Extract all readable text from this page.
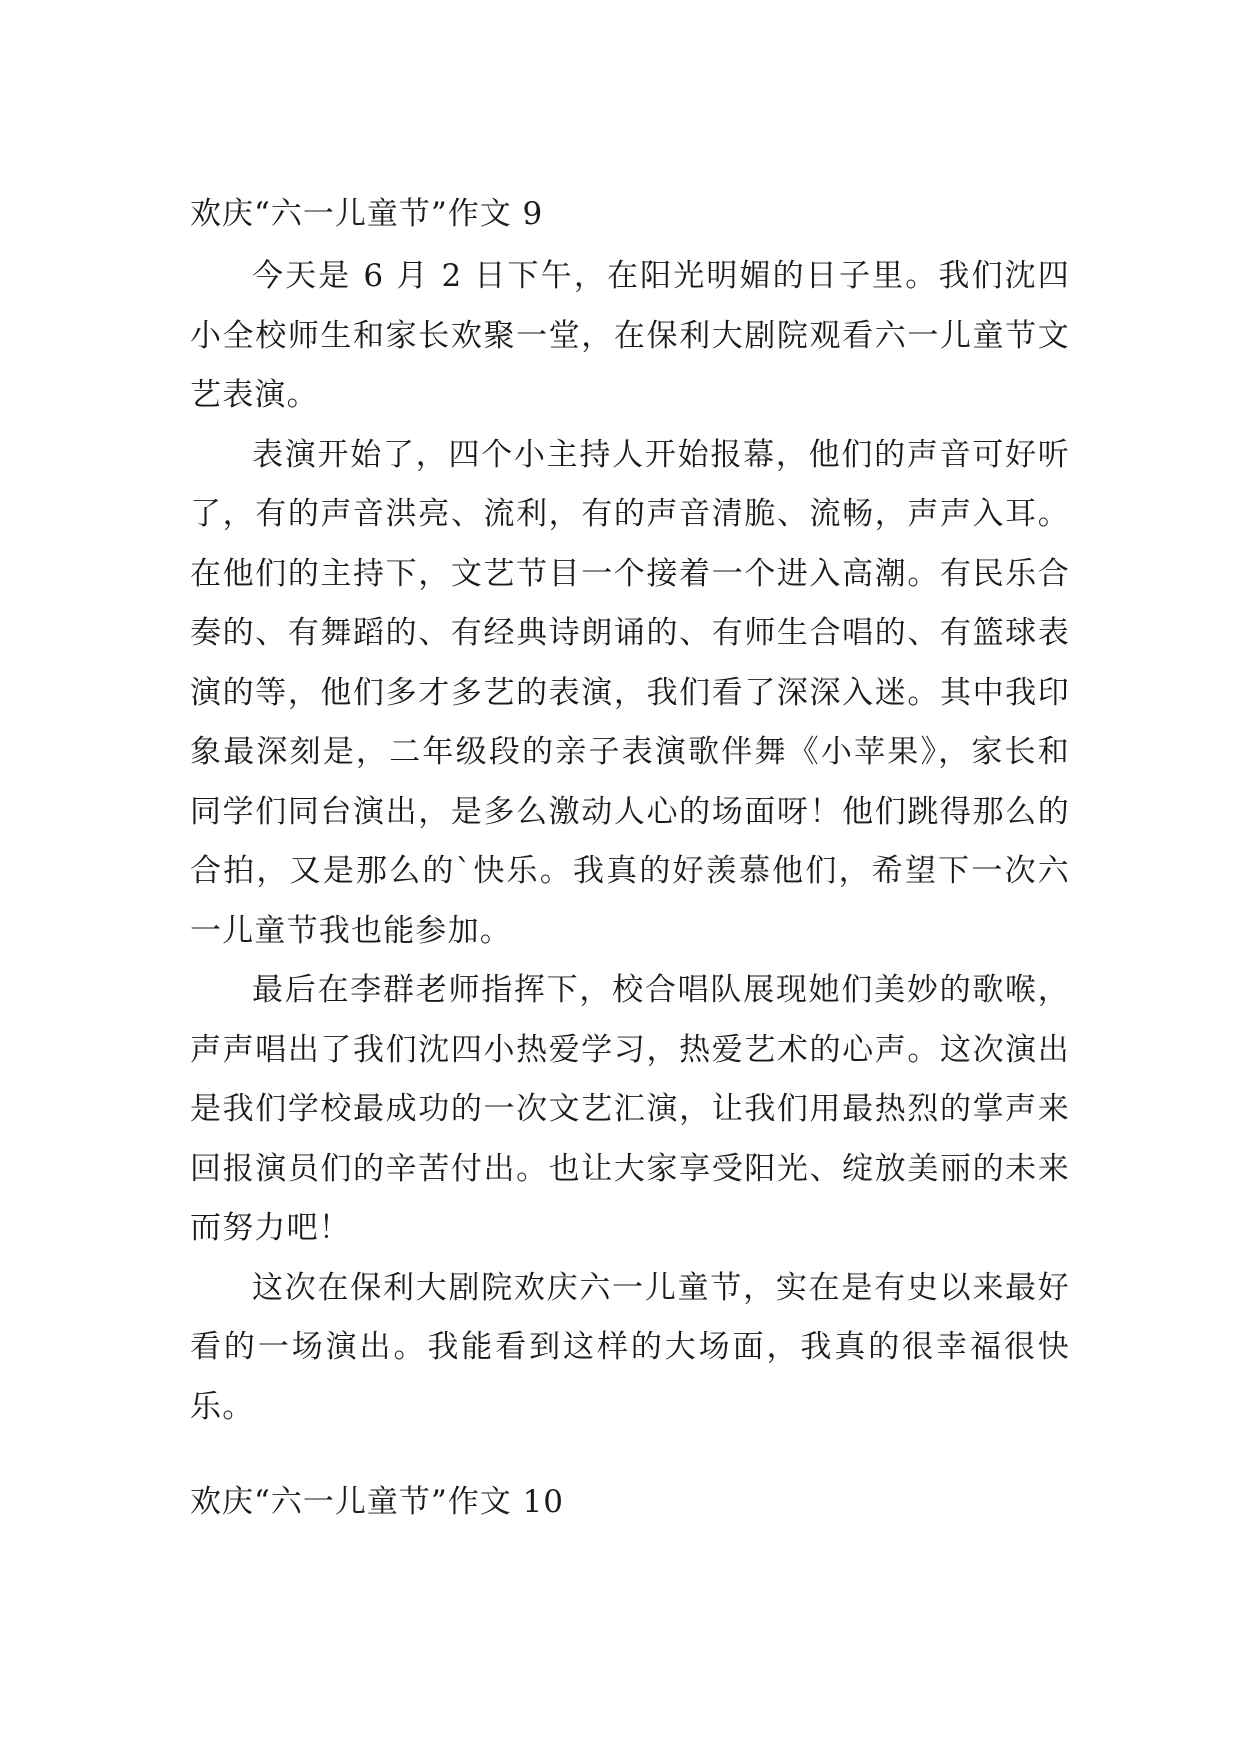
欢庆“六一儿童节”作文 9

今天是 6 月 2 日下午，在阳光明媚的日子里。我们沈四小全校师生和家长欢聚一堂，在保利大剧院观看六一儿童节文艺表演。

表演开始了，四个小主持人开始报幕，他们的声音可好听了，有的声音洪亮、流利，有的声音清脆、流畅，声声入耳。在他们的主持下，文艺节目一个接着一个进入高潮。有民乐合奏的、有舞蹈的、有经典诗朗诵的、有师生合唱的、有篮球表演的等，他们多才多艺的表演，我们看了深深入迷。其中我印象最深刻是，二年级段的亲子表演歌伴舞《小苹果》，家长和同学们同台演出，是多么激动人心的场面呀！他们跳得那么的合拍，又是那么的`快乐。我真的好羡慕他们，希望下一次六一儿童节我也能参加。

最后在李群老师指挥下，校合唱队展现她们美妙的歌喉，声声唱出了我们沈四小热爱学习，热爱艺术的心声。这次演出是我们学校最成功的一次文艺汇演，让我们用最热烈的掌声来回报演员们的辛苦付出。也让大家享受阳光、绽放美丽的未来而努力吧！

这次在保利大剧院欢庆六一儿童节，实在是有史以来最好看的一场演出。我能看到这样的大场面，我真的很幸福很快乐。

欢庆“六一儿童节”作文 10
